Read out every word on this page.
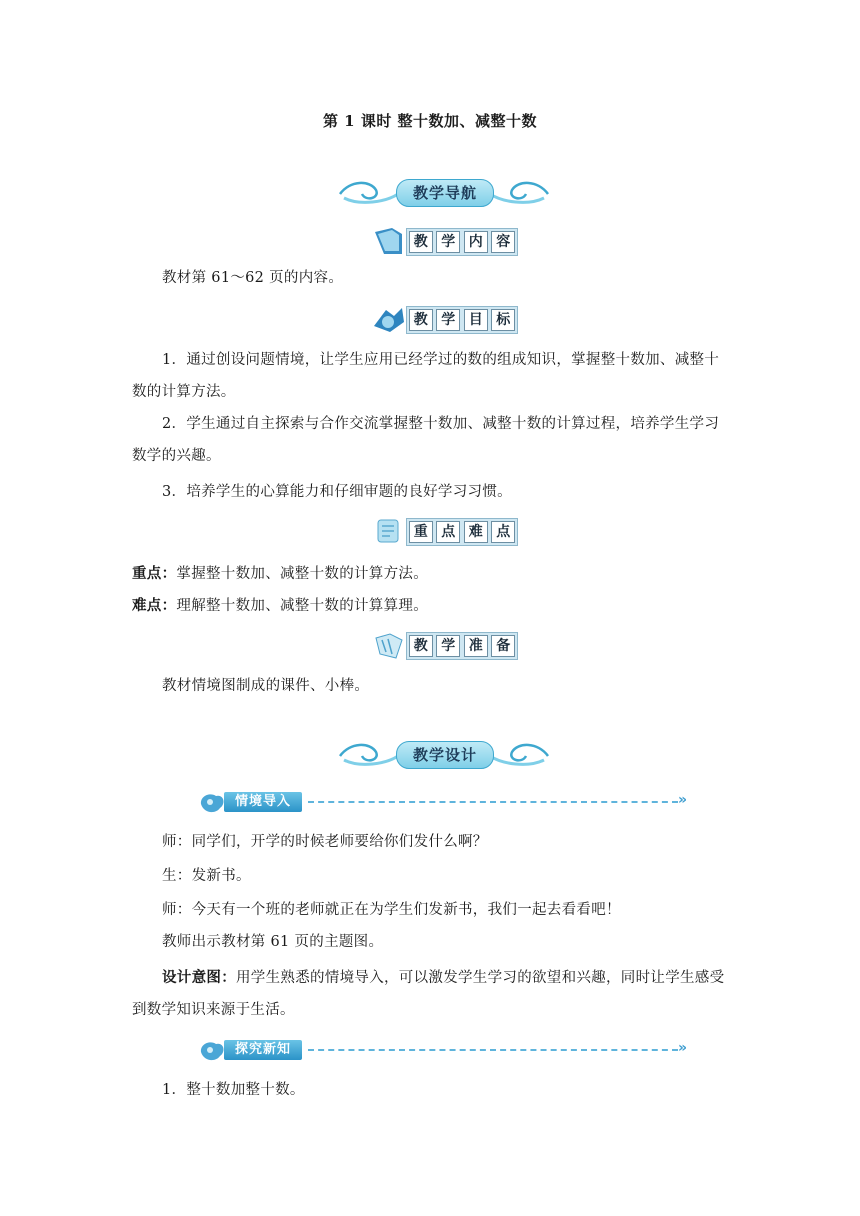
第 1 课时 整十数加、减整十数
教学导航
教 学 内 容
教材第 61～62 页的内容。
教 学 目 标
1．通过创设问题情境，让学生应用已经学过的数的组成知识，掌握整十数加、减整十数的计算方法。
2．学生通过自主探索与合作交流掌握整十数加、减整十数的计算过程，培养学生学习数学的兴趣。
3．培养学生的心算能力和仔细审题的良好学习习惯。
重 点 难 点
重点：掌握整十数加、减整十数的计算方法。
难点：理解整十数加、减整十数的计算算理。
教 学 准 备
教材情境图制成的课件、小棒。
教学设计
情境导入	»
师：同学们，开学的时候老师要给你们发什么啊？
生：发新书。
师：今天有一个班的老师就正在为学生们发新书，我们一起去看看吧！
教师出示教材第 61 页的主题图。
设计意图：用学生熟悉的情境导入，可以激发学生学习的欲望和兴趣，同时让学生感受到数学知识来源于生活。
探究新知	»
1．整十数加整十数。
